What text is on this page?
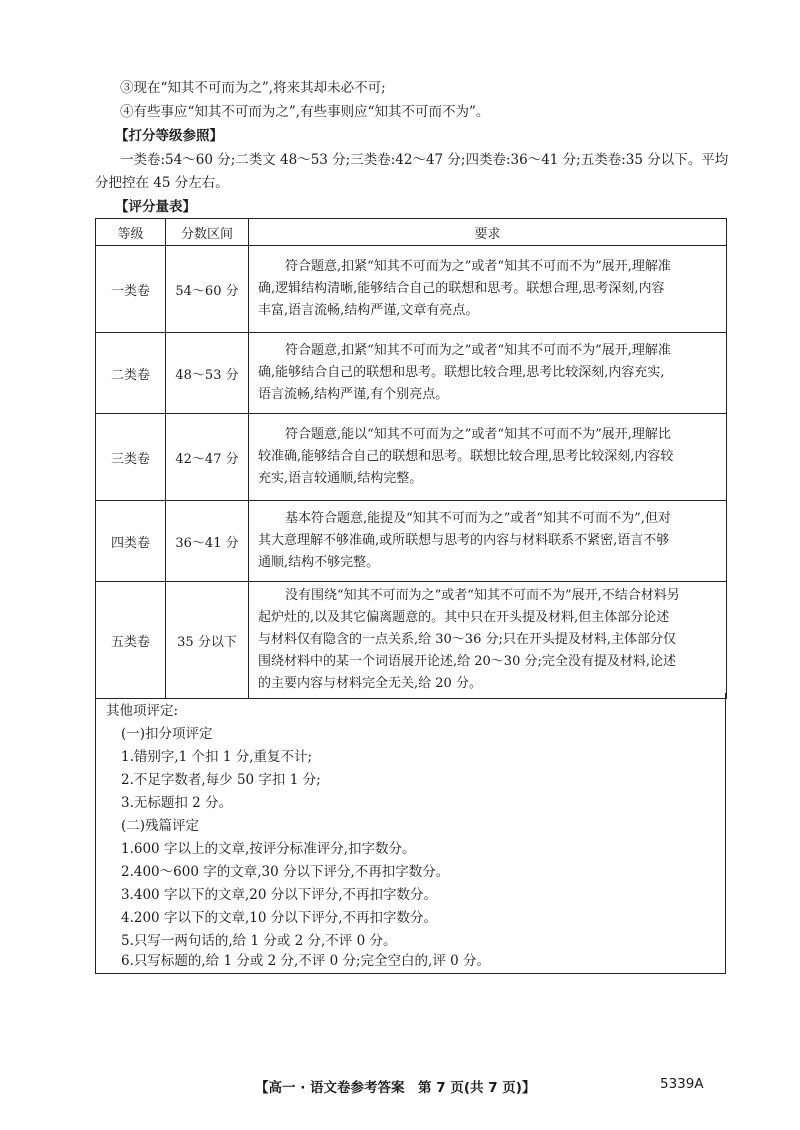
③现在“知其不可而为之”,将来其却未必不可;
④有些事应“知其不可而为之”,有些事则应“知其不可而不为”。
【打分等级参照】
一类卷:54～60 分;二类文 48～53 分;三类卷:42～47 分;四类卷:36～41 分;五类卷:35 分以下。平均
分把控在 45 分左右。
【评分量表】
等级	分数区间	要求
一类卷	54～60 分	符合题意,扣紧“知其不可而为之”或者“知其不可而不为”展开,理解准
确,逻辑结构清晰,能够结合自己的联想和思考。联想合理,思考深刻,内容
丰富,语言流畅,结构严谨,文章有亮点。

二类卷	48～53 分	符合题意,扣紧“知其不可而为之”或者“知其不可而不为”展开,理解准
确,能够结合自己的联想和思考。联想比较合理,思考比较深刻,内容充实,
语言流畅,结构严谨,有个别亮点。

三类卷	42～47 分	符合题意,能以“知其不可而为之”或者“知其不可而不为”展开,理解比
较准确,能够结合自己的联想和思考。联想比较合理,思考比较深刻,内容较
充实,语言较通顺,结构完整。

四类卷	36～41 分	基本符合题意,能提及“知其不可而为之”或者“知其不可而不为”,但对
其大意理解不够准确,或所联想与思考的内容与材料联系不紧密,语言不够
通顺,结构不够完整。

五类卷	35 分以下	没有围绕“知其不可而为之”或者“知其不可而不为”展开,不结合材料另
起炉灶的,以及其它偏离题意的。其中只在开头提及材料,但主体部分论述
与材料仅有隐含的一点关系,给 30～36 分;只在开头提及材料,主体部分仅
围绕材料中的某一个词语展开论述,给 20～30 分;完全没有提及材料,论述
的主要内容与材料完全无关,给 20 分。
其他项评定:
(一)扣分项评定
1.错别字,1 个扣 1 分,重复不计;
2.不足字数者,每少 50 字扣 1 分;
3.无标题扣 2 分。
(二)残篇评定
1.600 字以上的文章,按评分标准评分,扣字数分。
2.400～600 字的文章,30 分以下评分,不再扣字数分。
3.400 字以下的文章,20 分以下评分,不再扣字数分。
4.200 字以下的文章,10 分以下评分,不再扣字数分。
5.只写一两句话的,给 1 分或 2 分,不评 0 分。
6.只写标题的,给 1 分或 2 分,不评 0 分;完全空白的,评 0 分。
【高一 · 语文卷参考答案　第 7 页(共 7 页)】	5339A
